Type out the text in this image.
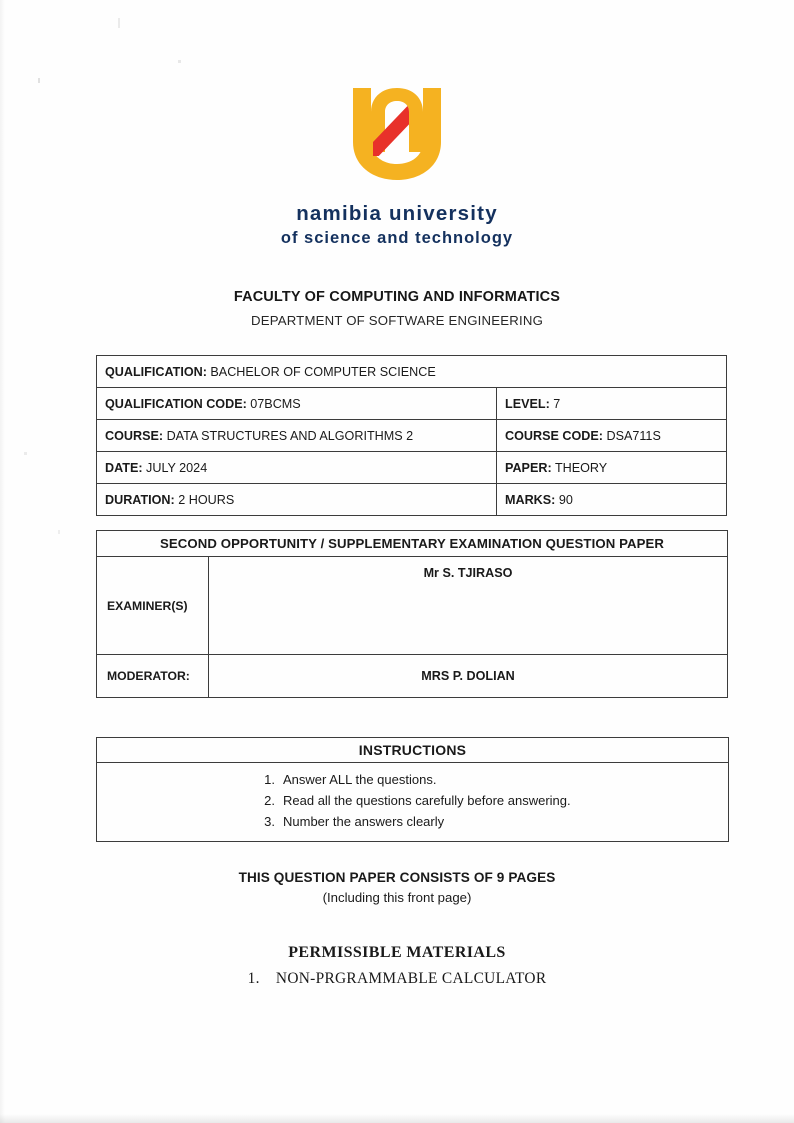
namibia university
of science and technology
FACULTY OF COMPUTING AND INFORMATICS
DEPARTMENT OF SOFTWARE ENGINEERING
QUALIFICATION: BACHELOR OF COMPUTER SCIENCE	
QUALIFICATION CODE: 07BCMS	LEVEL: 7
COURSE: DATA STRUCTURES AND ALGORITHMS 2	COURSE CODE: DSA711S
DATE: JULY 2024	PAPER: THEORY
DURATION: 2 HOURS	MARKS: 90
SECOND OPPORTUNITY / SUPPLEMENTARY EXAMINATION QUESTION PAPER	
EXAMINER(S)	Mr S. TJIRASO
MODERATOR:	MRS P. DOLIAN
INSTRUCTIONS

1. Answer ALL the questions.
2. Read all the questions carefully before answering.
3. Number the answers clearly
THIS QUESTION PAPER CONSISTS OF 9 PAGES
(Including this front page)
PERMISSIBLE MATERIALS
1. NON-PRGRAMMABLE CALCULATOR
